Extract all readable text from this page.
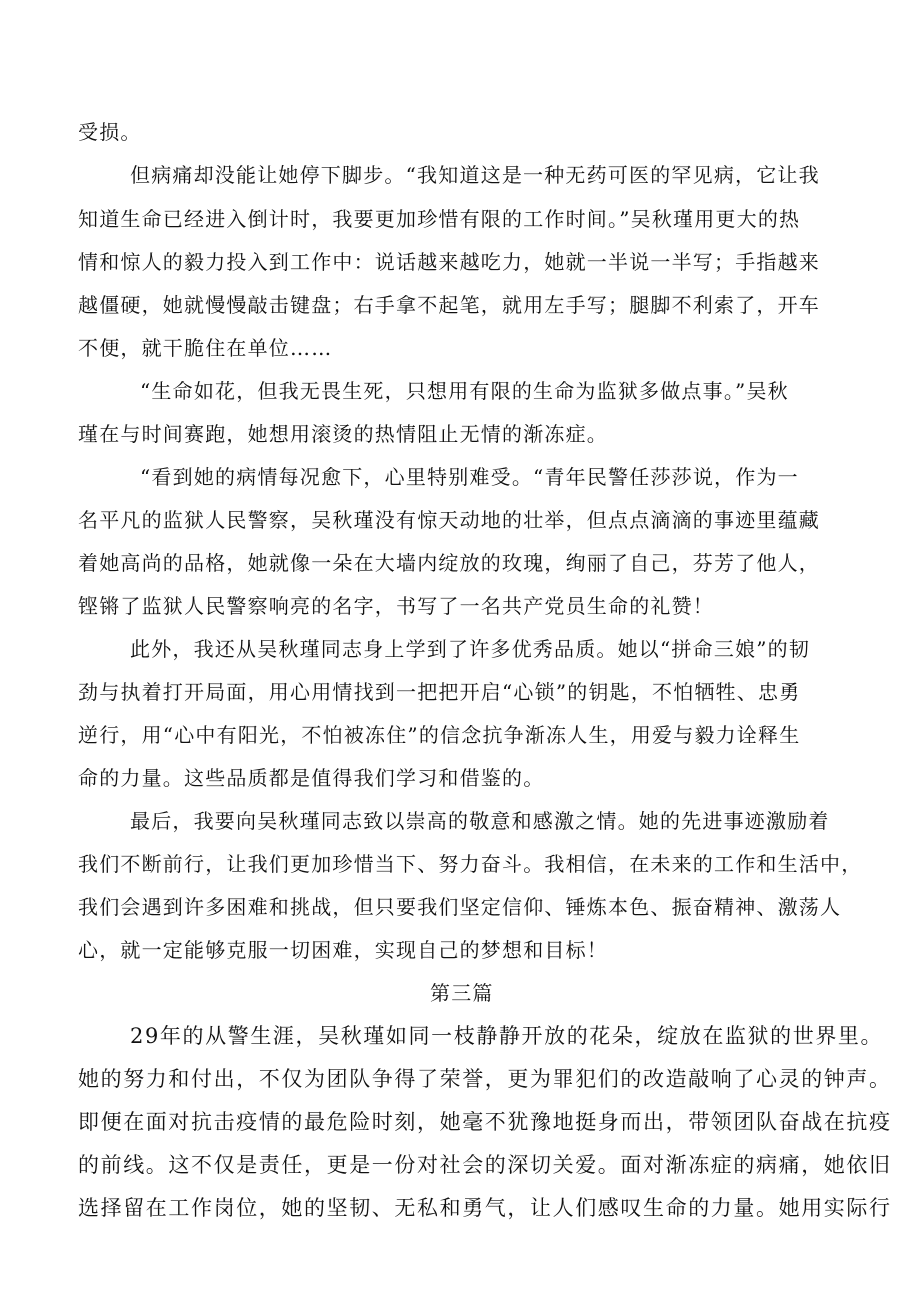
受损。
但病痛却没能让她停下脚步。“我知道这是一种无药可医的罕见病，它让我
知道生命已经进入倒计时，我要更加珍惜有限的工作时间。”吴秋瑾用更大的热
情和惊人的毅力投入到工作中：说话越来越吃力，她就一半说一半写；手指越来
越僵硬，她就慢慢敲击键盘；右手拿不起笔，就用左手写；腿脚不利索了，开车
不便，就干脆住在单位……
“生命如花，但我无畏生死，只想用有限的生命为监狱多做点事。”吴秋
瑾在与时间赛跑，她想用滚烫的热情阻止无情的渐冻症。
“看到她的病情每况愈下，心里特别难受。“青年民警任莎莎说，作为一
名平凡的监狱人民警察，吴秋瑾没有惊天动地的壮举，但点点滴滴的事迹里蕴藏
着她高尚的品格，她就像一朵在大墙内绽放的玫瑰，绚丽了自己，芬芳了他人，
铿锵了监狱人民警察响亮的名字，书写了一名共产党员生命的礼赞！
此外，我还从吴秋瑾同志身上学到了许多优秀品质。她以“拼命三娘”的韧
劲与执着打开局面，用心用情找到一把把开启“心锁”的钥匙，不怕牺牲、忠勇
逆行，用“心中有阳光，不怕被冻住”的信念抗争渐冻人生，用爱与毅力诠释生
命的力量。这些品质都是值得我们学习和借鉴的。
最后，我要向吴秋瑾同志致以崇高的敬意和感激之情。她的先进事迹激励着
我们不断前行，让我们更加珍惜当下、努力奋斗。我相信，在未来的工作和生活中，
我们会遇到许多困难和挑战，但只要我们坚定信仰、锤炼本色、振奋精神、激荡人
心，就一定能够克服一切困难，实现自己的梦想和目标！
第三篇
29年的从警生涯，吴秋瑾如同一枝静静开放的花朵，绽放在监狱的世界里。
她的努力和付出，不仅为团队争得了荣誉，更为罪犯们的改造敲响了心灵的钟声。
即便在面对抗击疫情的最危险时刻，她毫不犹豫地挺身而出，带领团队奋战在抗疫
的前线。这不仅是责任，更是一份对社会的深切关爱。面对渐冻症的病痛，她依旧
选择留在工作岗位，她的坚韧、无私和勇气，让人们感叹生命的力量。她用实际行
